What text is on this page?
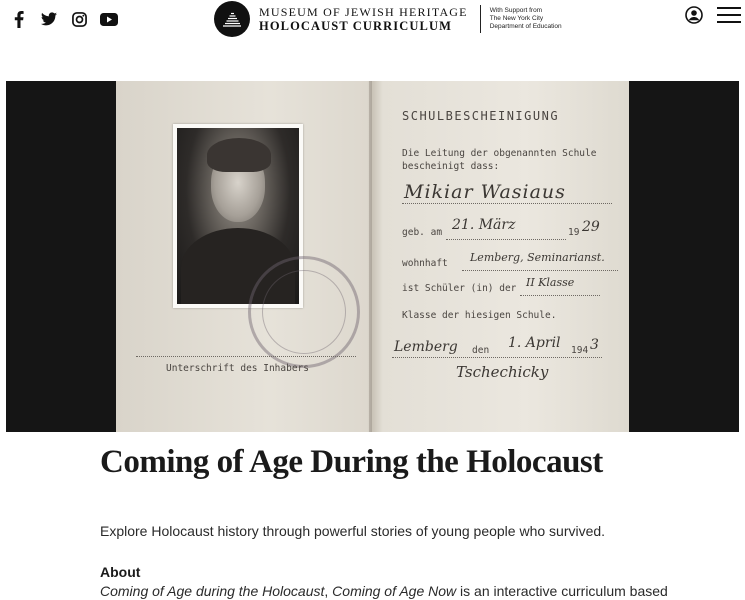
MUSEUM OF JEWISH HERITAGE
HOLOCAUST CURRICULUM
With Support from
The New York City
Department of Education
SCHULBESCHEINIGUNG
Die Leitung der obgenannten Schule bescheinigt dass:
Mikiar Wasiaus
geb. am 21. März	19 29
wohnhaft Lemberg, Seminarianst.
ist Schüler (in) der II Klasse
Klasse der hiesigen Schule.
Lemberg den 1. April 194 3
Unterschrift des Inhabers	Tschechicky
Coming of Age During the Holocaust

Explore Holocaust history through powerful stories of young people who survived.

About

Coming of Age during the Holocaust, Coming of Age Now is an interactive curriculum based
